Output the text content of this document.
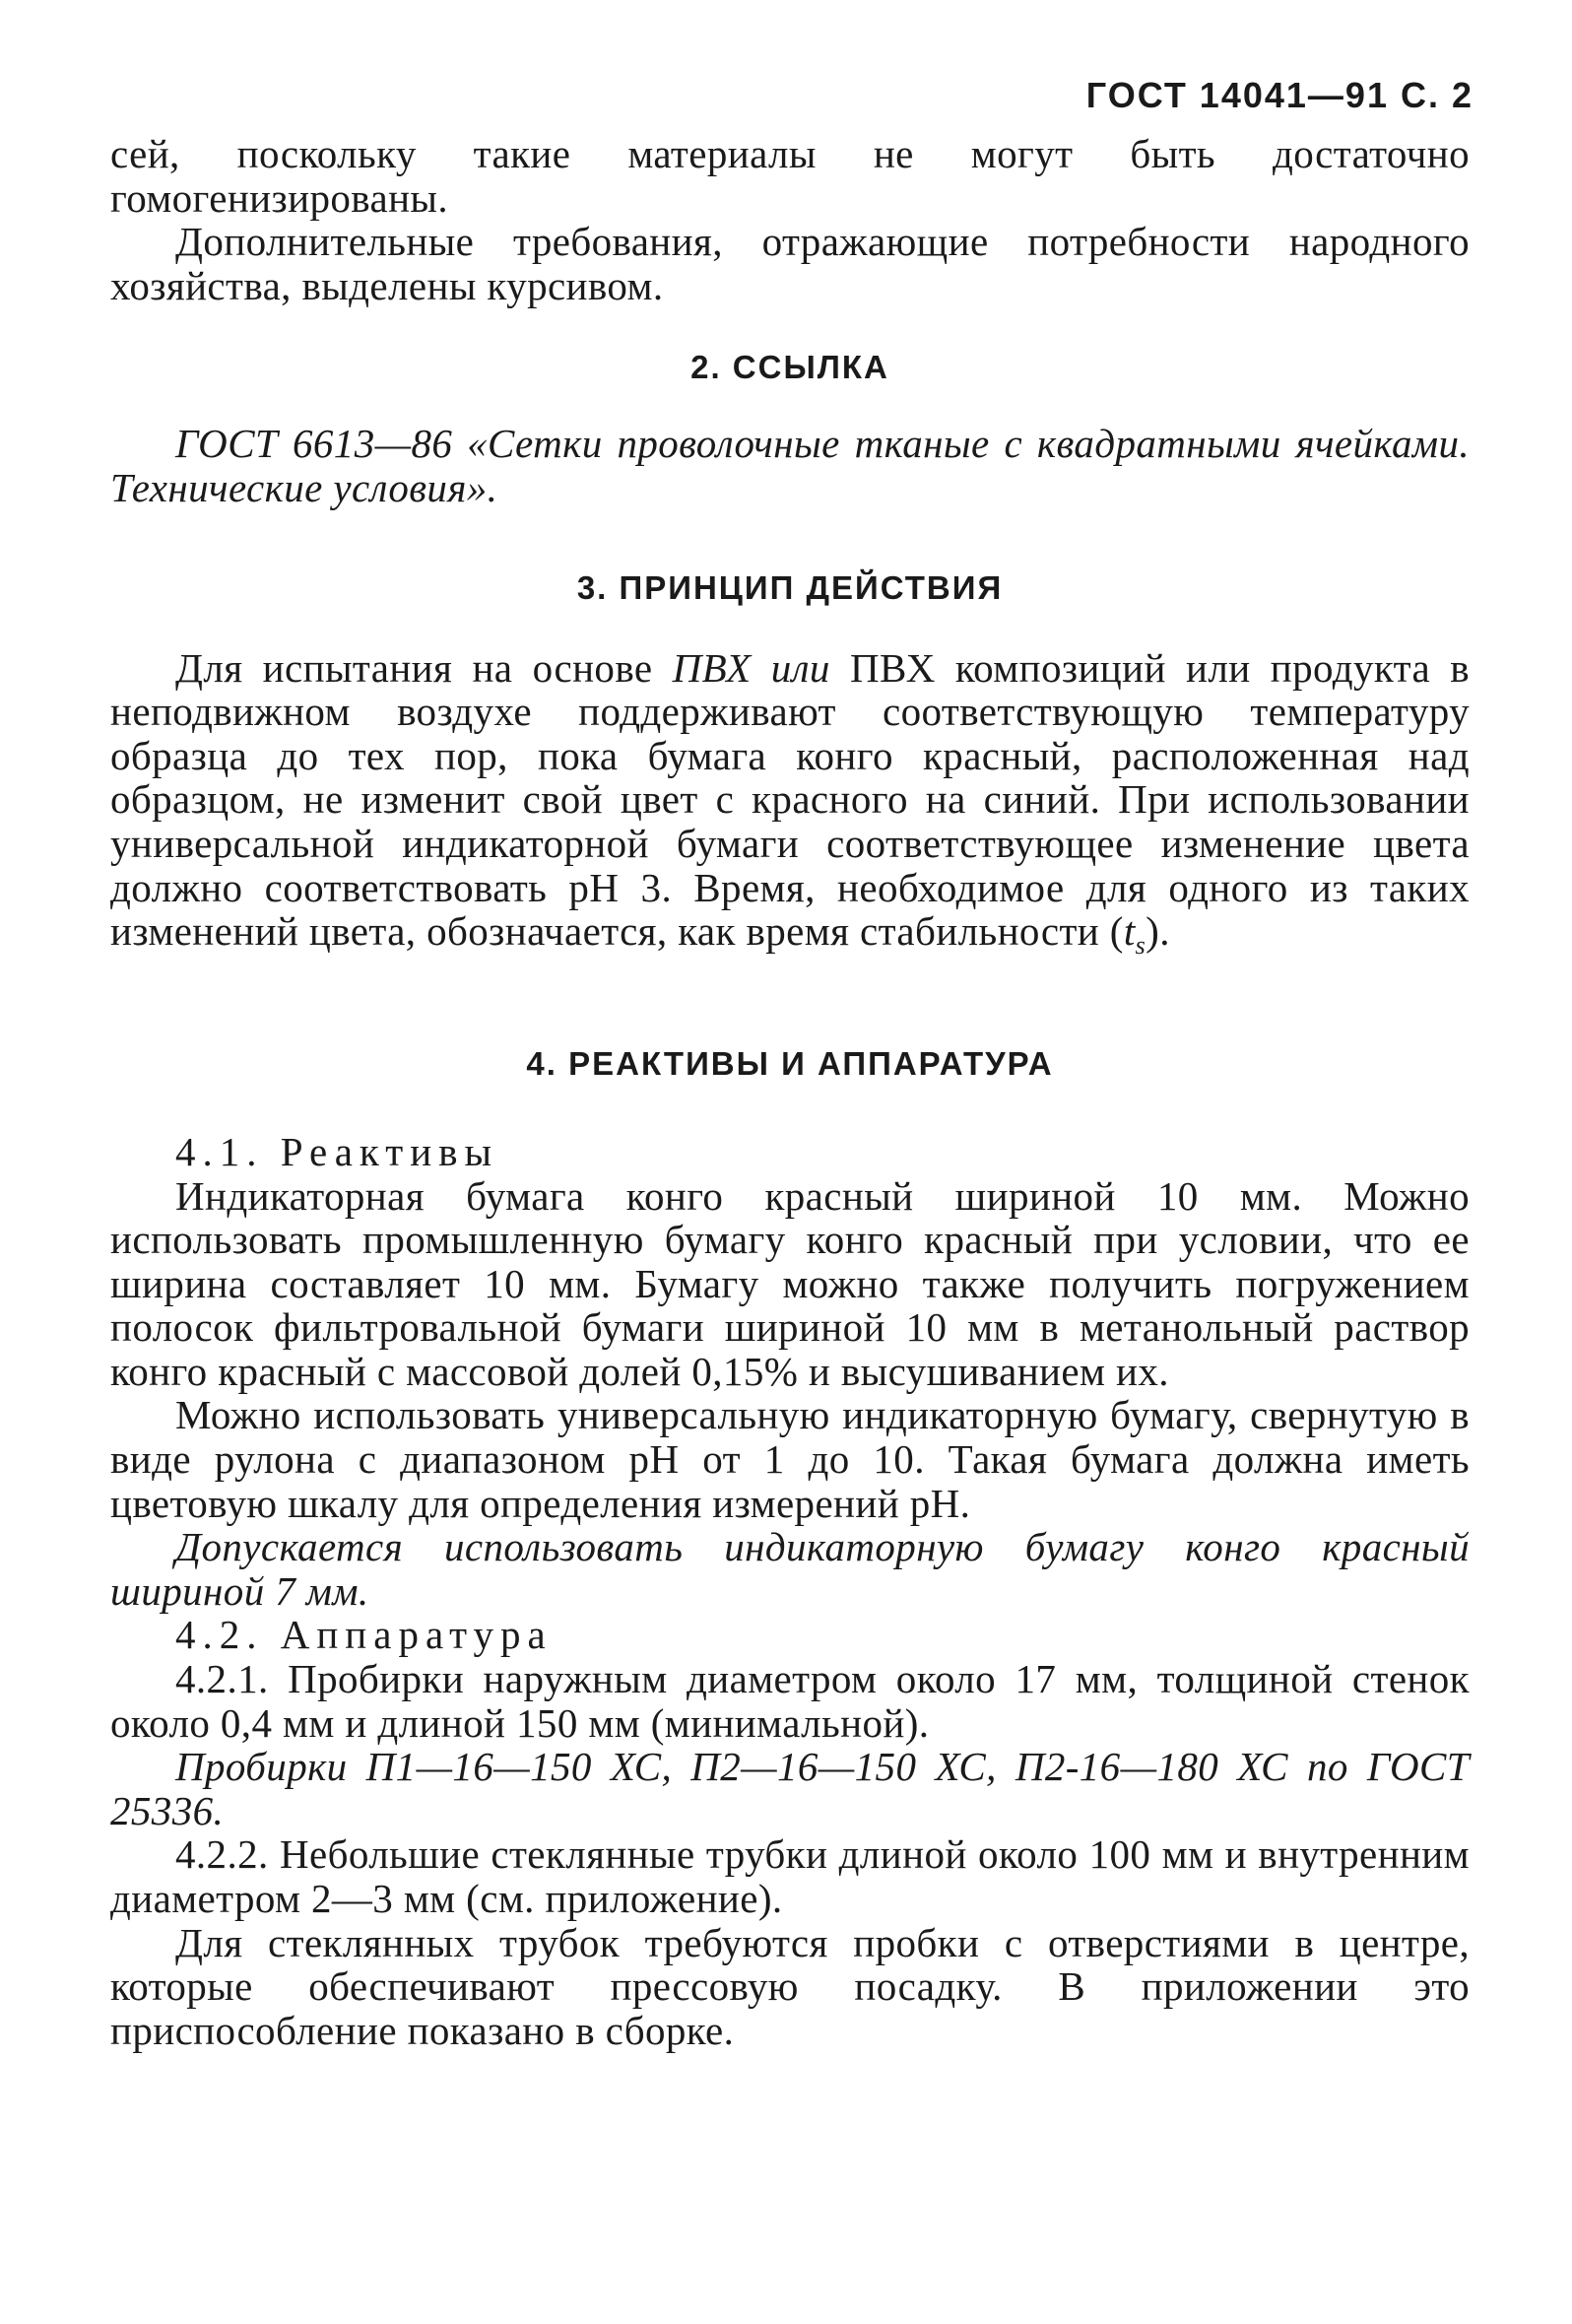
ГОСТ 14041—91 С. 2

сей, поскольку такие материалы не могут быть достаточно гомогенизированы.

Дополнительные требования, отражающие потребности народного хозяйства, выделены курсивом.

2. ССЫЛКА

ГОСТ 6613—86 «Сетки проволочные тканые с квадратными ячейками. Технические условия».

3. ПРИНЦИП ДЕЙСТВИЯ

Для испытания на основе ПВХ или ПВХ композиций или продукта в неподвижном воздухе поддерживают соответствующую температуру образца до тех пор, пока бумага конго красный, расположенная над образцом, не изменит свой цвет с красного на синий. При использовании универсальной индикаторной бумаги соответствующее изменение цвета должно соответствовать pH 3. Время, необходимое для одного из таких изменений цвета, обозначается, как время стабильности $(t_s)$.

4. РЕАКТИВЫ И АППАРАТУРА

4.1. Реактивы

Индикаторная бумага конго красный шириной 10 мм. Можно использовать промышленную бумагу конго красный при условии, что ее ширина составляет 10 мм. Бумагу можно также получить погружением полосок фильтровальной бумаги шириной 10 мм в метанольный раствор конго красный с массовой долей 0,15% и высушиванием их.

Можно использовать универсальную индикаторную бумагу, свернутую в виде рулона с диапазоном pH от 1 до 10. Такая бумага должна иметь цветовую шкалу для определения измерений pH.

Допускается использовать индикаторную бумагу конго красный шириной 7 мм.

4.2. Аппаратура

4.2.1. Пробирки наружным диаметром около 17 мм, толщиной стенок около 0,4 мм и длиной 150 мм (минимальной).

Пробирки П1—16—150 ХС, П2—16—150 ХС, П2-16—180 ХС по ГОСТ 25336.

4.2.2. Небольшие стеклянные трубки длиной около 100 мм и внутренним диаметром 2—3 мм (см. приложение).

Для стеклянных трубок требуются пробки с отверстиями в центре, которые обеспечивают прессовую посадку. В приложении это приспособление показано в сборке.
